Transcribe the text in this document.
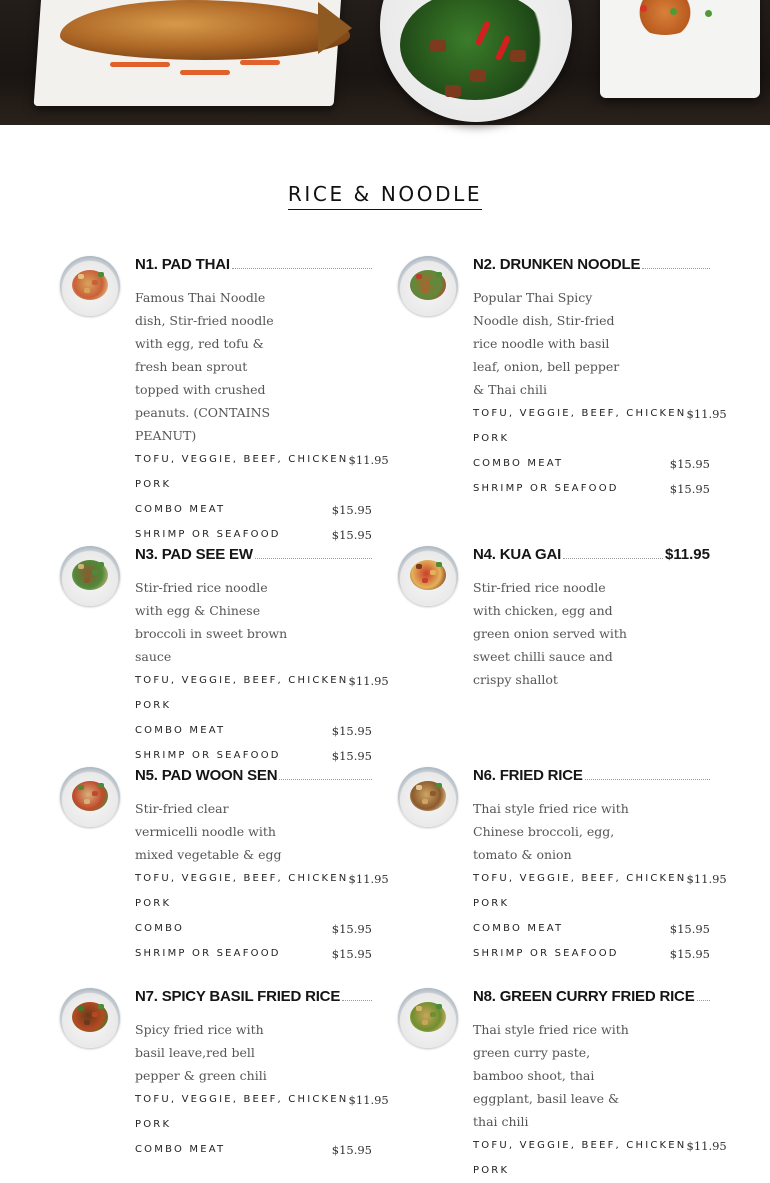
RICE & NOODLE
N1. PAD THAI

Famous Thai Noodle dish, Stir-fried noodle with egg, red tofu & fresh bean sprout topped with crushed peanuts. (CONTAINS PEANUT)

TOFU, VEGGIE, BEEF, CHICKEN $11.95
PORK
COMBO MEAT	$15.95
SHRIMP OR SEAFOOD	$15.95
N2. DRUNKEN NOODLE

Popular Thai Spicy Noodle dish, Stir-fried rice noodle with basil leaf, onion, bell pepper & Thai chili

TOFU, VEGGIE, BEEF, CHICKEN $11.95
PORK
COMBO MEAT	$15.95
SHRIMP OR SEAFOOD	$15.95
N3. PAD SEE EW

Stir-fried rice noodle with egg & Chinese broccoli in sweet brown sauce

TOFU, VEGGIE, BEEF, CHICKEN $11.95
PORK
COMBO MEAT	$15.95
SHRIMP OR SEAFOOD	$15.95
N4. KUA GAI	$11.95

Stir-fried rice noodle with chicken, egg and green onion served with sweet chilli sauce and crispy shallot

N5. PAD WOON SEN

Stir-fried clear vermicelli noodle with mixed vegetable & egg

TOFU, VEGGIE, BEEF, CHICKEN $11.95
PORK
COMBO	$15.95
SHRIMP OR SEAFOOD	$15.95
N6. FRIED RICE

Thai style fried rice with Chinese broccoli, egg, tomato & onion

TOFU, VEGGIE, BEEF, CHICKEN $11.95
PORK
COMBO MEAT	$15.95
SHRIMP OR SEAFOOD	$15.95
N7. SPICY BASIL FRIED RICE

Spicy fried rice with basil leave,red bell pepper & green chili

TOFU, VEGGIE, BEEF, CHICKEN $11.95
PORK
COMBO MEAT	$15.95
N8. GREEN CURRY FRIED RICE

Thai style fried rice with green curry paste, bamboo shoot, thai eggplant, basil leave & thai chili

TOFU, VEGGIE, BEEF, CHICKEN $11.95
PORK
